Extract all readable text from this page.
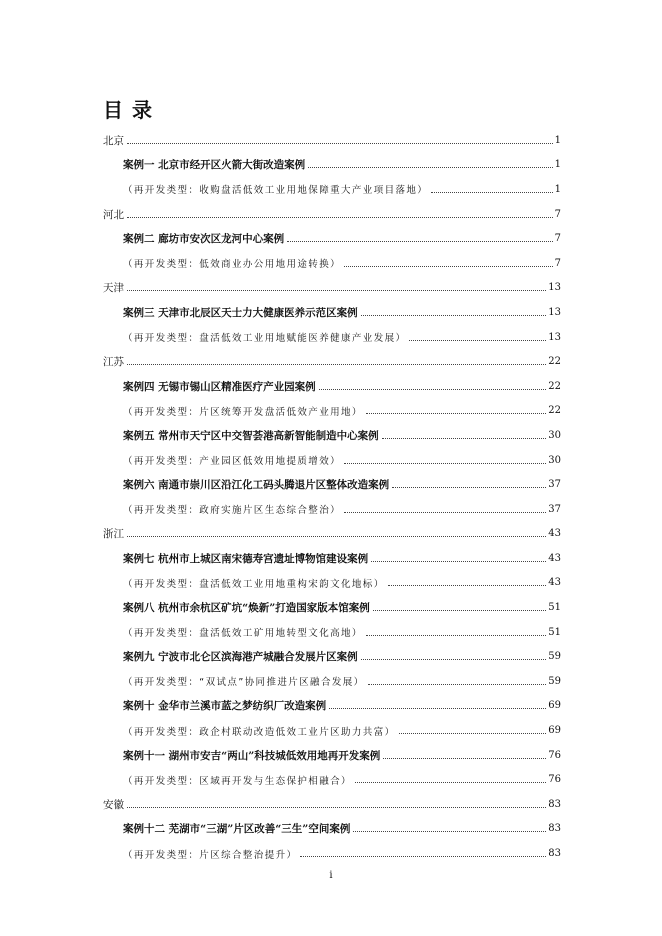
目 录
北京	1
案例一 北京市经开区火箭大街改造案例	1
（再开发类型：收购盘活低效工业用地保障重大产业项目落地）	1
河北	7
案例二 廊坊市安次区龙河中心案例	7
（再开发类型：低效商业办公用地用途转换）	7
天津	13
案例三 天津市北辰区天士力大健康医养示范区案例	13
（再开发类型：盘活低效工业用地赋能医养健康产业发展）	13
江苏	22
案例四 无锡市锡山区精准医疗产业园案例	22
（再开发类型：片区统筹开发盘活低效产业用地）	22
案例五 常州市天宁区中交智荟港高新智能制造中心案例	30
（再开发类型：产业园区低效用地提质增效）	30
案例六 南通市崇川区沿江化工码头腾退片区整体改造案例	37
（再开发类型：政府实施片区生态综合整治）	37
浙江	43
案例七 杭州市上城区南宋德寿宫遗址博物馆建设案例	43
（再开发类型：盘活低效工业用地重构宋韵文化地标）	43
案例八 杭州市余杭区矿坑“焕新”打造国家版本馆案例	51
（再开发类型：盘活低效工矿用地转型文化高地）	51
案例九 宁波市北仑区滨海港产城融合发展片区案例	59
（再开发类型：“双试点”协同推进片区融合发展）	59
案例十 金华市兰溪市蓝之梦纺织厂改造案例	69
（再开发类型：政企村联动改造低效工业片区助力共富）	69
案例十一 湖州市安吉“两山”科技城低效用地再开发案例	76
（再开发类型：区域再开发与生态保护相融合）	76
安徽	83
案例十二 芜湖市“三湖”片区改善“三生”空间案例	83
（再开发类型：片区综合整治提升）	83
i
